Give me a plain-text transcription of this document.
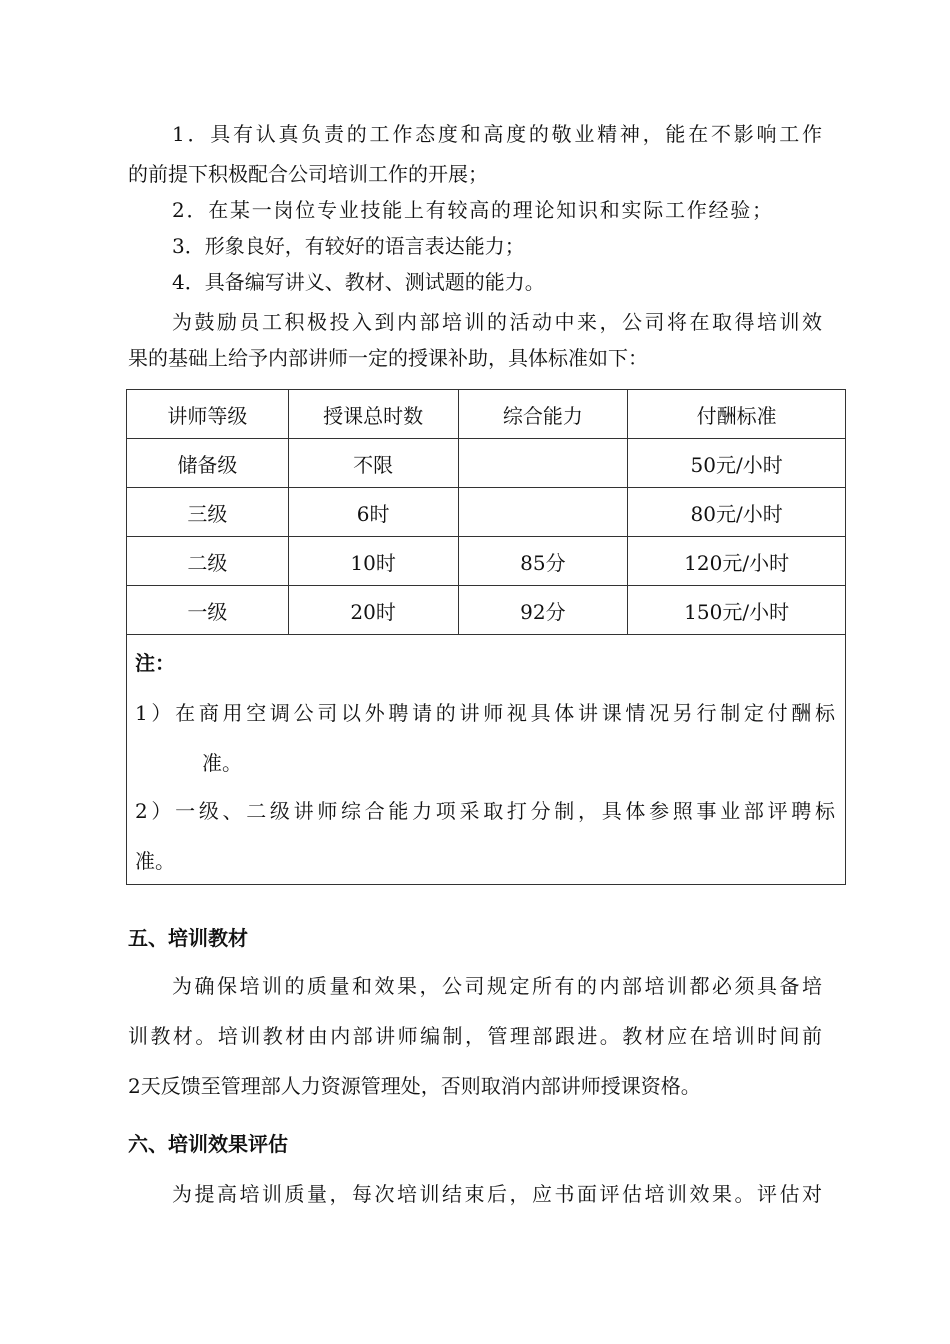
1．具有认真负责的工作态度和高度的敬业精神，能在不影响工作
的前提下积极配合公司培训工作的开展；
2．在某一岗位专业技能上有较高的理论知识和实际工作经验；
3．形象良好，有较好的语言表达能力；
4．具备编写讲义、教材、测试题的能力。
为鼓励员工积极投入到内部培训的活动中来，公司将在取得培训效
果的基础上给予内部讲师一定的授课补助，具体标准如下：
讲师等级	授课总时数	综合能力	付酬标准
储备级	不限		50元/小时
三级	6时		80元/小时
二级	10时	85分	120元/小时
一级	20时	92分	150元/小时

注：
1）在商用空调公司以外聘请的讲师视具体讲课情况另行制定付酬标
准。
2）一级、二级讲师综合能力项采取打分制，具体参照事业部评聘标
准。			
五、培训教材
为确保培训的质量和效果，公司规定所有的内部培训都必须具备培
训教材。培训教材由内部讲师编制，管理部跟进。教材应在培训时间前
2天反馈至管理部人力资源管理处，否则取消内部讲师授课资格。
六、培训效果评估
为提高培训质量，每次培训结束后，应书面评估培训效果。评估对
